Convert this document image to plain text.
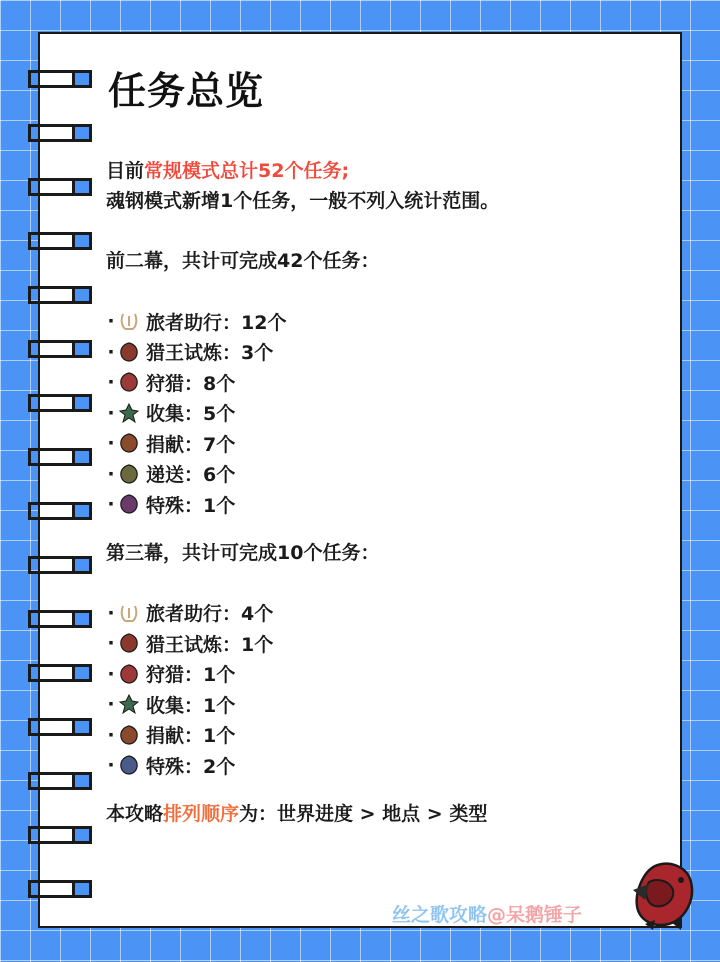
任务总览
目前常规模式总计52个任务;
魂钢模式新增1个任务，一般不列入统计范围。
前二幕，共计可完成42个任务：
· 旅者助行：12个
· 猎王试炼：3个
· 狩猎：8个
· 收集：5个
· 捐献：7个
· 递送：6个
· 特殊：1个
第三幕，共计可完成10个任务：
· 旅者助行：4个
· 猎王试炼：1个
· 狩猎：1个
· 收集：1个
· 捐献：1个
· 特殊：2个
本攻略排列顺序为：世界进度 > 地点 > 类型
丝之歌攻略@呆鹅锤子
